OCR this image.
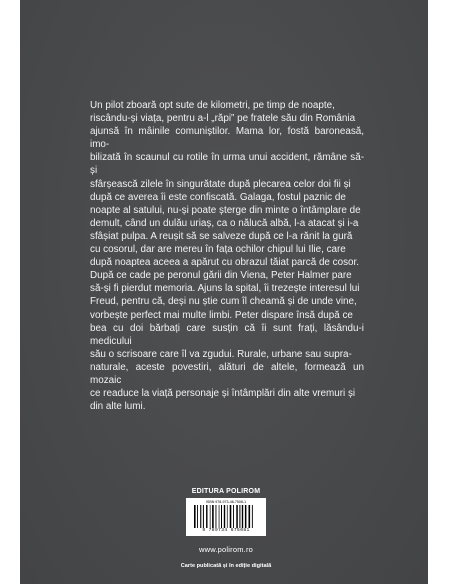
Un pilot zboară opt sute de kilometri, pe timp de noapte,
riscându-și viața, pentru a-l „răpi” pe fratele său din România
ajunsă în mâinile comuniștilor. Mama lor, fostă baroneasă, imo-
bilizată în scaunul cu rotile în urma unui accident, rămâne să-și
sfârșească zilele în singurătate după plecarea celor doi fii și
după ce averea îi este confiscată. Galaga, fostul paznic de
noapte al satului, nu-și poate șterge din minte o întâmplare de
demult, când un dulău uriaș, ca o nălucă albă, l-a atacat și i-a
sfâșiat pulpa. A reușit să se salveze după ce l-a rănit la gură
cu cosorul, dar are mereu în fața ochilor chipul lui Ilie, care
după noaptea aceea a apărut cu obrazul tăiat parcă de cosor.
După ce cade pe peronul gării din Viena, Peter Halmer pare
să-și fi pierdut memoria. Ajuns la spital, îi trezește interesul lui
Freud, pentru că, deși nu știe cum îl cheamă și de unde vine,
vorbește perfect mai multe limbi. Peter dispare însă după ce
bea cu doi bărbați care susțin că îi sunt frați, lăsându-i medicului
său o scrisoare care îl va zgudui. Rurale, urbane sau supra-
naturale, aceste povestiri, alături de altele, formează un mozaic
ce readuce la viață personaje și întâmplări din alte vremuri și
din alte lumi.

EDITURA POLIROM
ISBN 978-973-46-7508-1
9 789734 675081
www.polirom.ro
Carte publicată și în ediție digitală
